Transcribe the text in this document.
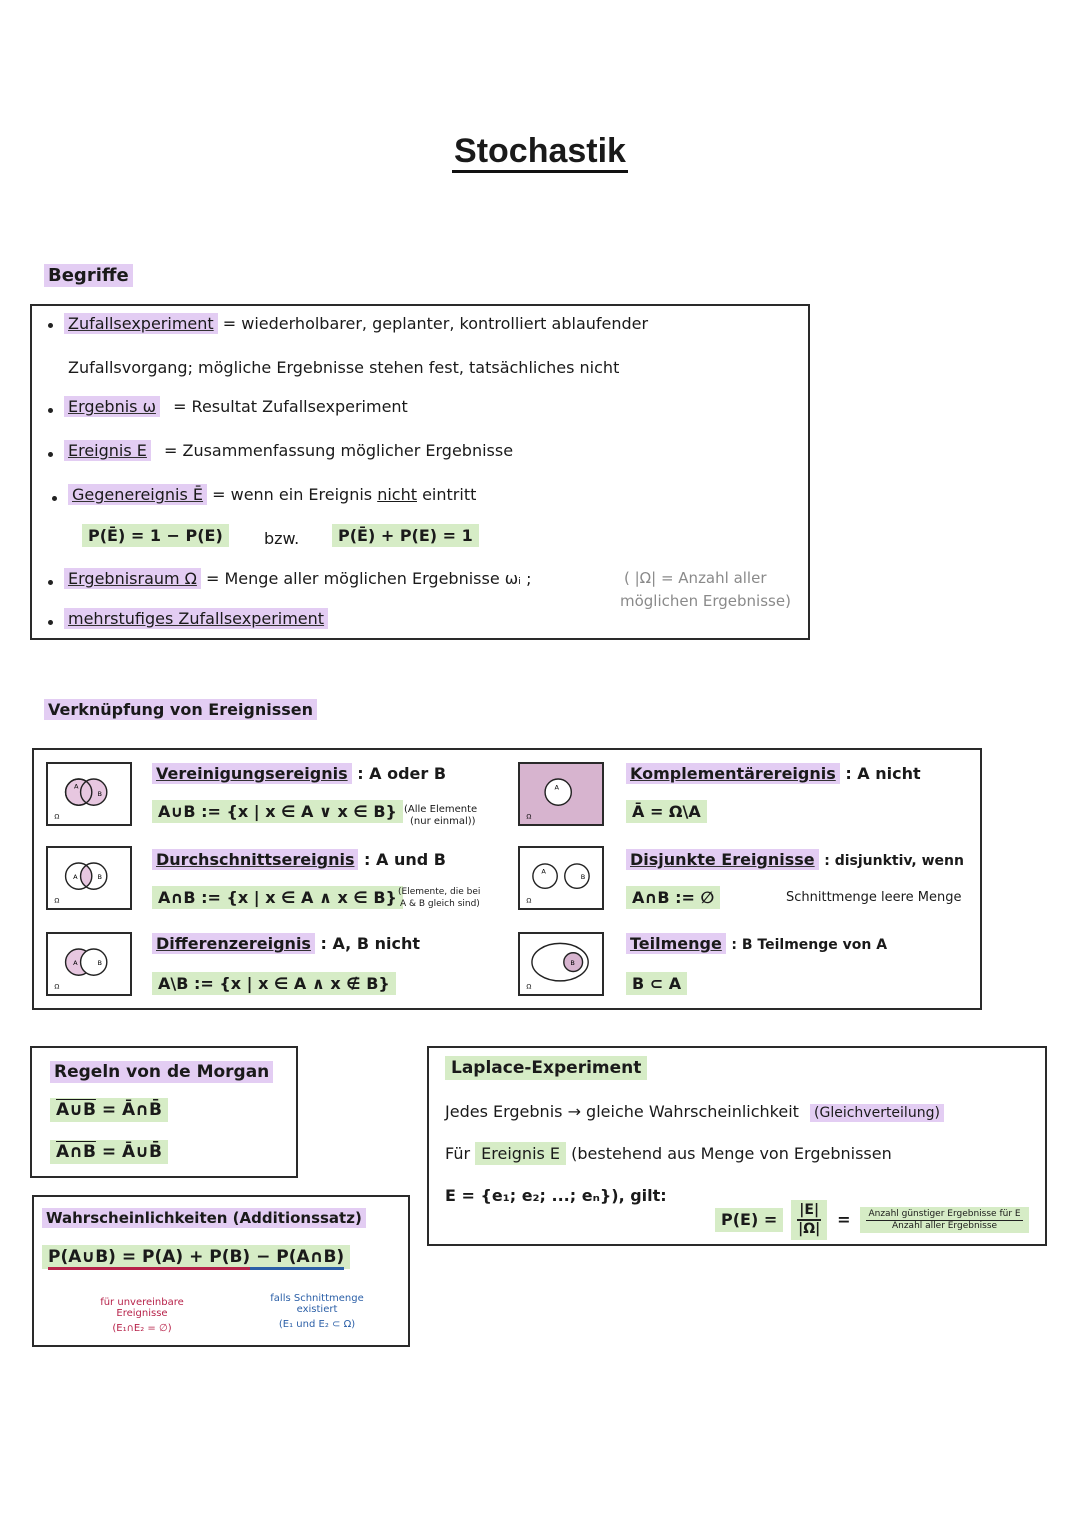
Stochastik
Begriffe
Zufallsexperiment = wiederholbarer, geplanter, kontrolliert ablaufender
Zufallsvorgang; mögliche Ergebnisse stehen fest, tatsächliches nicht
Ergebnis ω = Resultat Zufallsexperiment
Ereignis E = Zusammenfassung möglicher Ergebnisse
Gegenereignis Ē = wenn ein Ereignis nicht eintritt
P(Ē) = 1 − P(E)	bzw.	P(Ē) + P(E) = 1
Ergebnisraum Ω = Menge aller möglichen Ergebnisse ωᵢ ;	( |Ω| = Anzahl aller
möglichen Ergebnisse)
mehrstufiges Zufallsexperiment
Verknüpfung von Ereignissen
A
B
Ω
A	B
Ω
A	B
Ω
Vereinigungsereignis : A oder B
A∪B := {x | x ∈ A ∨ x ∈ B} (Alle Elemente
(nur einmal))
Durchschnittsereignis : A und B
A∩B := {x | x ∈ A ∧ x ∈ B} (Elemente, die bei
A & B gleich sind)
Differenzereignis : A, B nicht
A\B := {x | x ∈ A ∧ x ∉ B}
A
Ω
A
B
Ω
B
Ω
Komplementärereignis : A nicht
Ā = Ω\A
Disjunkte Ereignisse : disjunktiv, wenn
A∩B := ∅	Schnittmenge leere Menge
Teilmenge : B Teilmenge von A
B ⊂ A
Regeln von de Morgan
A∪B = Ā∩B̄
A∩B = Ā∪B̄
Wahrscheinlichkeiten (Additionssatz)
P(A∪B) = P(A) + P(B) − P(A∩B)
für unvereinbare
Ereignisse
(E₁∩E₂ = ∅)
falls Schnittmenge
existiert
(E₁ und E₂ ⊂ Ω)
Laplace-Experiment
Jedes Ergebnis → gleiche Wahrscheinlichkeit (Gleichverteilung)
Für Ereignis E (bestehend aus Menge von Ergebnissen
E = {e₁; e₂; ...; eₙ}), gilt:
P(E) =	$\frac{|E|}{|\Omega|}$ = Anzahl günstiger Ergebnisse für E
Anzahl aller Ergebnisse
